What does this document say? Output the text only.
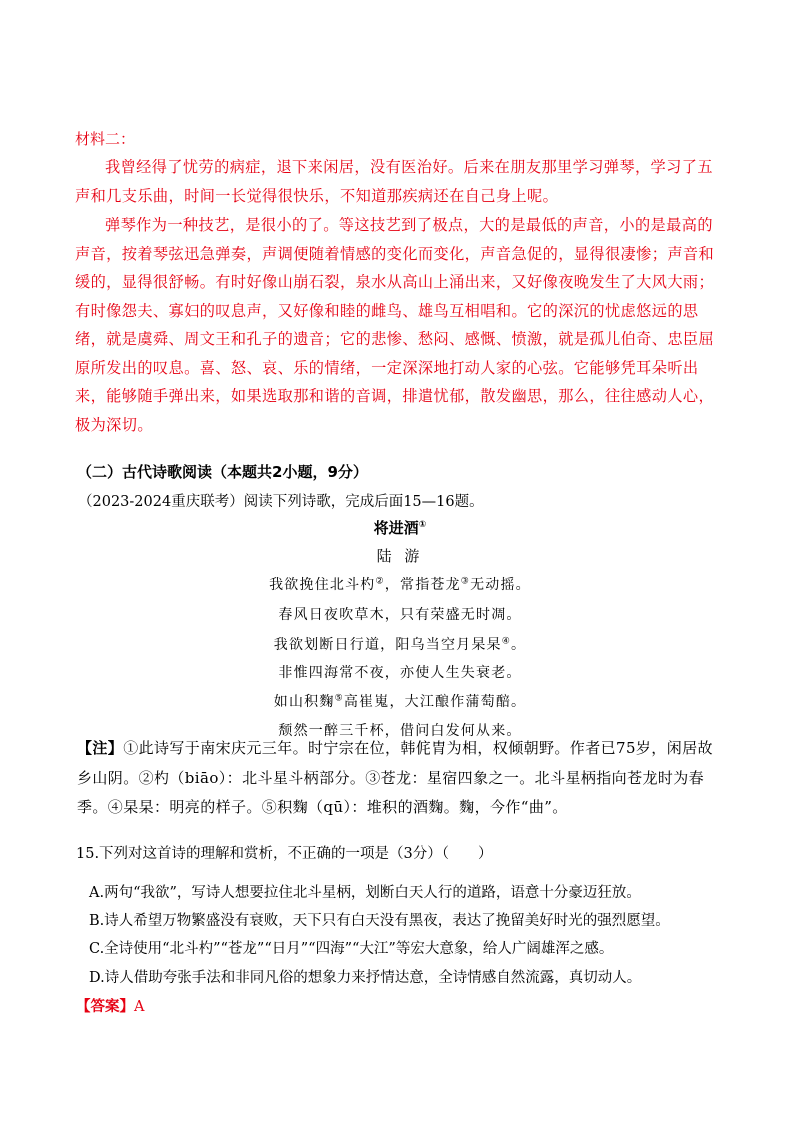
材料二：
我曾经得了忧劳的病症，退下来闲居，没有医治好。后来在朋友那里学习弹琴，学习了五声和几支乐曲，时间一长觉得很快乐，不知道那疾病还在自己身上呢。
弹琴作为一种技艺，是很小的了。等这技艺到了极点，大的是最低的声音，小的是最高的声音，按着琴弦迅急弹奏，声调便随着情感的变化而变化，声音急促的，显得很凄惨；声音和缓的，显得很舒畅。有时好像山崩石裂，泉水从高山上涌出来，又好像夜晚发生了大风大雨；有时像怨夫、寡妇的叹息声，又好像和睦的雌鸟、雄鸟互相唱和。它的深沉的忧虑悠远的思绪，就是虞舜、周文王和孔子的遗音；它的悲惨、愁闷、感慨、愤激，就是孤儿伯奇、忠臣屈原所发出的叹息。喜、怒、哀、乐的情绪，一定深深地打动人家的心弦。它能够凭耳朵听出来，能够随手弹出来，如果选取那和谐的音调，排遣忧郁，散发幽思，那么，往往感动人心，极为深切。
（二）古代诗歌阅读（本题共2小题，9分）
（2023-2024重庆联考）阅读下列诗歌，完成后面15—16题。
将进酒①
陆 游
我欲挽住北斗杓②，常指苍龙③无动摇。
春风日夜吹草木，只有荣盛无时凋。
我欲划断日行道，阳乌当空月杲杲④。
非惟四海常不夜，亦使人生失衰老。
如山积麴⑤高崔嵬，大江酿作蒲萄醅。
颓然一醉三千杯，借问白发何从来。
【注】①此诗写于南宋庆元三年。时宁宗在位，韩侂胄为相，权倾朝野。作者已75岁，闲居故乡山阴。②杓（biāo）：北斗星斗柄部分。③苍龙：星宿四象之一。北斗星柄指向苍龙时为春季。④杲杲：明亮的样子。⑤积麴（qū）：堆积的酒麴。麴，今作“曲”。
15.下列对这首诗的理解和赏析，不正确的一项是（3分）（　　）
A.两句“我欲”，写诗人想要拉住北斗星柄，划断白天人行的道路，语意十分豪迈狂放。
B.诗人希望万物繁盛没有衰败，天下只有白天没有黑夜，表达了挽留美好时光的强烈愿望。
C.全诗使用“北斗杓”“苍龙”“日月”“四海”“大江”等宏大意象，给人广阔雄浑之感。
D.诗人借助夸张手法和非同凡俗的想象力来抒情达意，全诗情感自然流露，真切动人。
【答案】A
